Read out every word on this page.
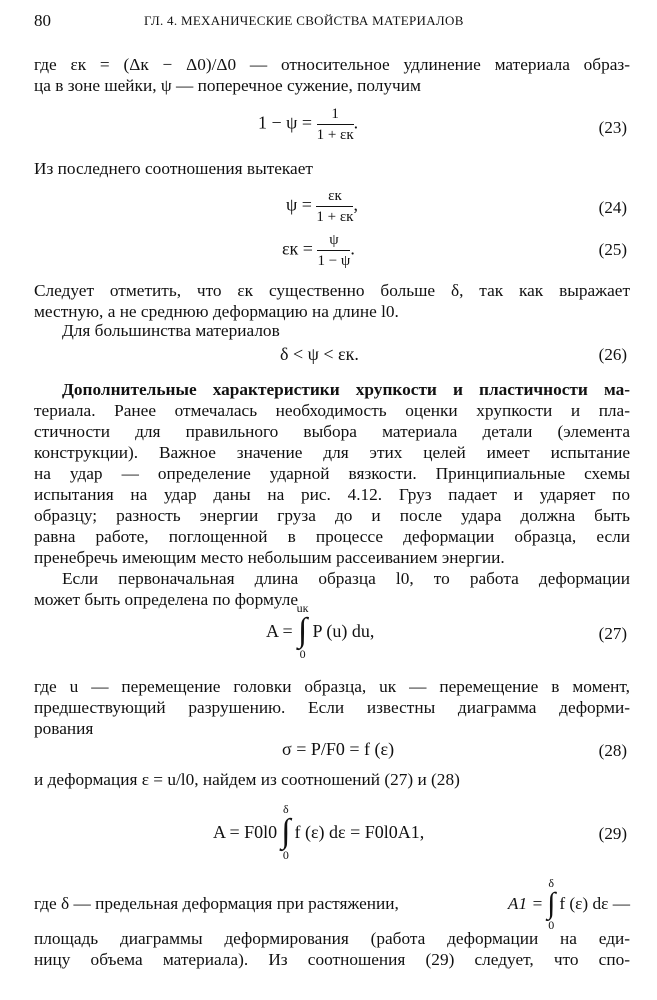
80	ГЛ. 4. МЕХАНИЧЕСКИЕ СВОЙСТВА МАТЕРИАЛОВ

где εк = (Δк − Δ0)/Δ0 — относительное удлинение материала образ-

ца в зоне шейки, ψ — поперечное сужение, получим

$1 - \psi = \frac{1}{1 + \varepsilon к}$ .	(23)

Из последнего соотношения вытекает

$\psi = \frac{\varepsilon к}{1 + \varepsilon к}$ ,	(24)
$\varepsilon к = \frac{\psi}{1 - \psi}$ .	(25)

Следует отметить, что εк существенно больше δ, так как выражает

местную, а не среднюю деформацию на длине l0.

Для большинства материалов

δ < ψ < εк.	(26)

Дополнительные характеристики хрупкости и пластичности ма-

териала. Ранее отмечалась необходимость оценки хрупкости и пла-

стичности для правильного выбора материала детали (элемента

конструкции). Важное значение для этих целей имеет испытание

на удар — определение ударной вязкости. Принципиальные схемы

испытания на удар даны на рис. 4.12. Груз падает и ударяет по

образцу; разность энергии груза до и после удара должна быть

равна работе, поглощенной в процессе деформации образца, если

пренебречь имеющим место небольшим рассеиванием энергии.

Если первоначальная длина образца l0, то работа деформации

может быть определена по формуле

A =
uк
∫
0
P (u) du,	(27)

где u — перемещение головки образца, uк — перемещение в момент,

предшествующий разрушению. Если известны диаграмма деформи-

рования

σ = P/F0 = f (ε)	(28)

и деформация ε = u/l0, найдем из соотношений (27) и (28)

A = F0l0
δ
∫
0
f (ε) dε = F0l0A1,	(29)
где δ — предельная деформация при растяжении,	A1 =
δ
∫
0
f (ε) dε —

площадь диаграммы деформирования (работа деформации на еди-

ницу объема материала). Из соотношения (29) следует, что спо-
